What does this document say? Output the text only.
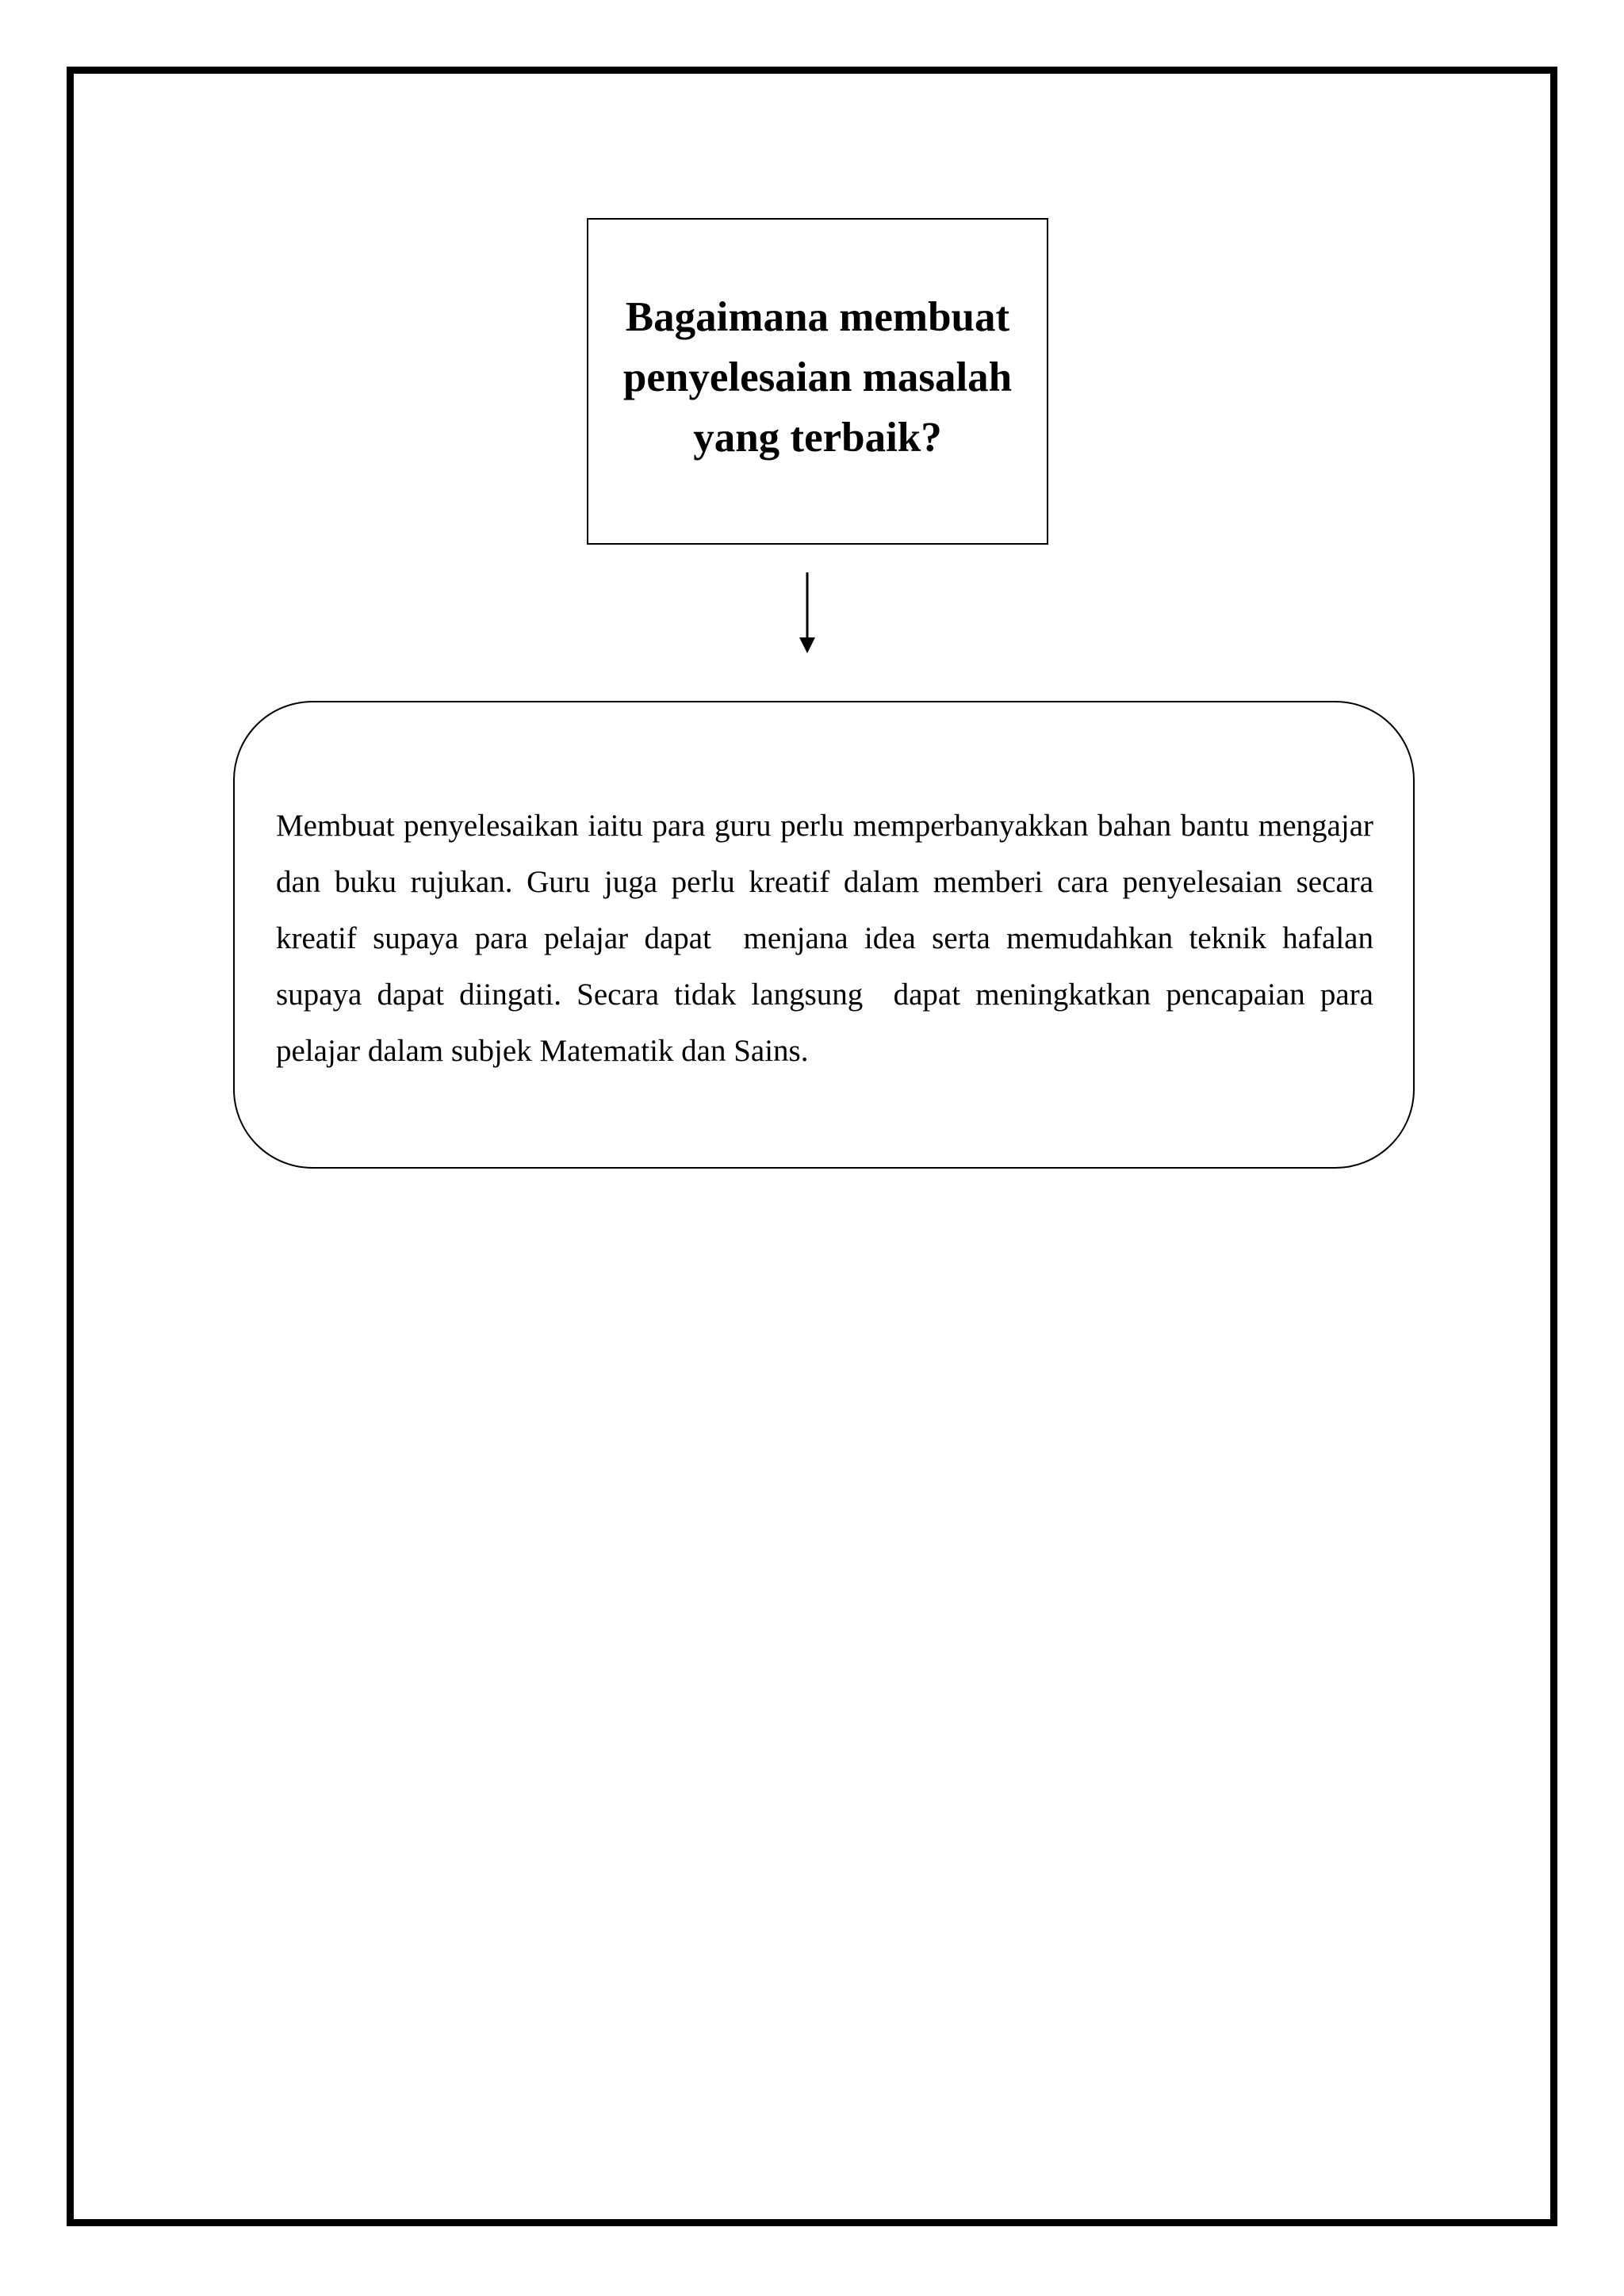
Bagaimana membuat penyelesaian masalah yang terbaik?
Membuat penyelesaikan iaitu para guru perlu memperbanyakkan bahan bantu mengajar dan buku rujukan. Guru juga perlu kreatif dalam memberi cara penyelesaian secara kreatif supaya para pelajar dapat  menjana idea serta memudahkan teknik hafalan supaya dapat diingati. Secara tidak langsung  dapat meningkatkan pencapaian para pelajar dalam subjek Matematik dan Sains.
